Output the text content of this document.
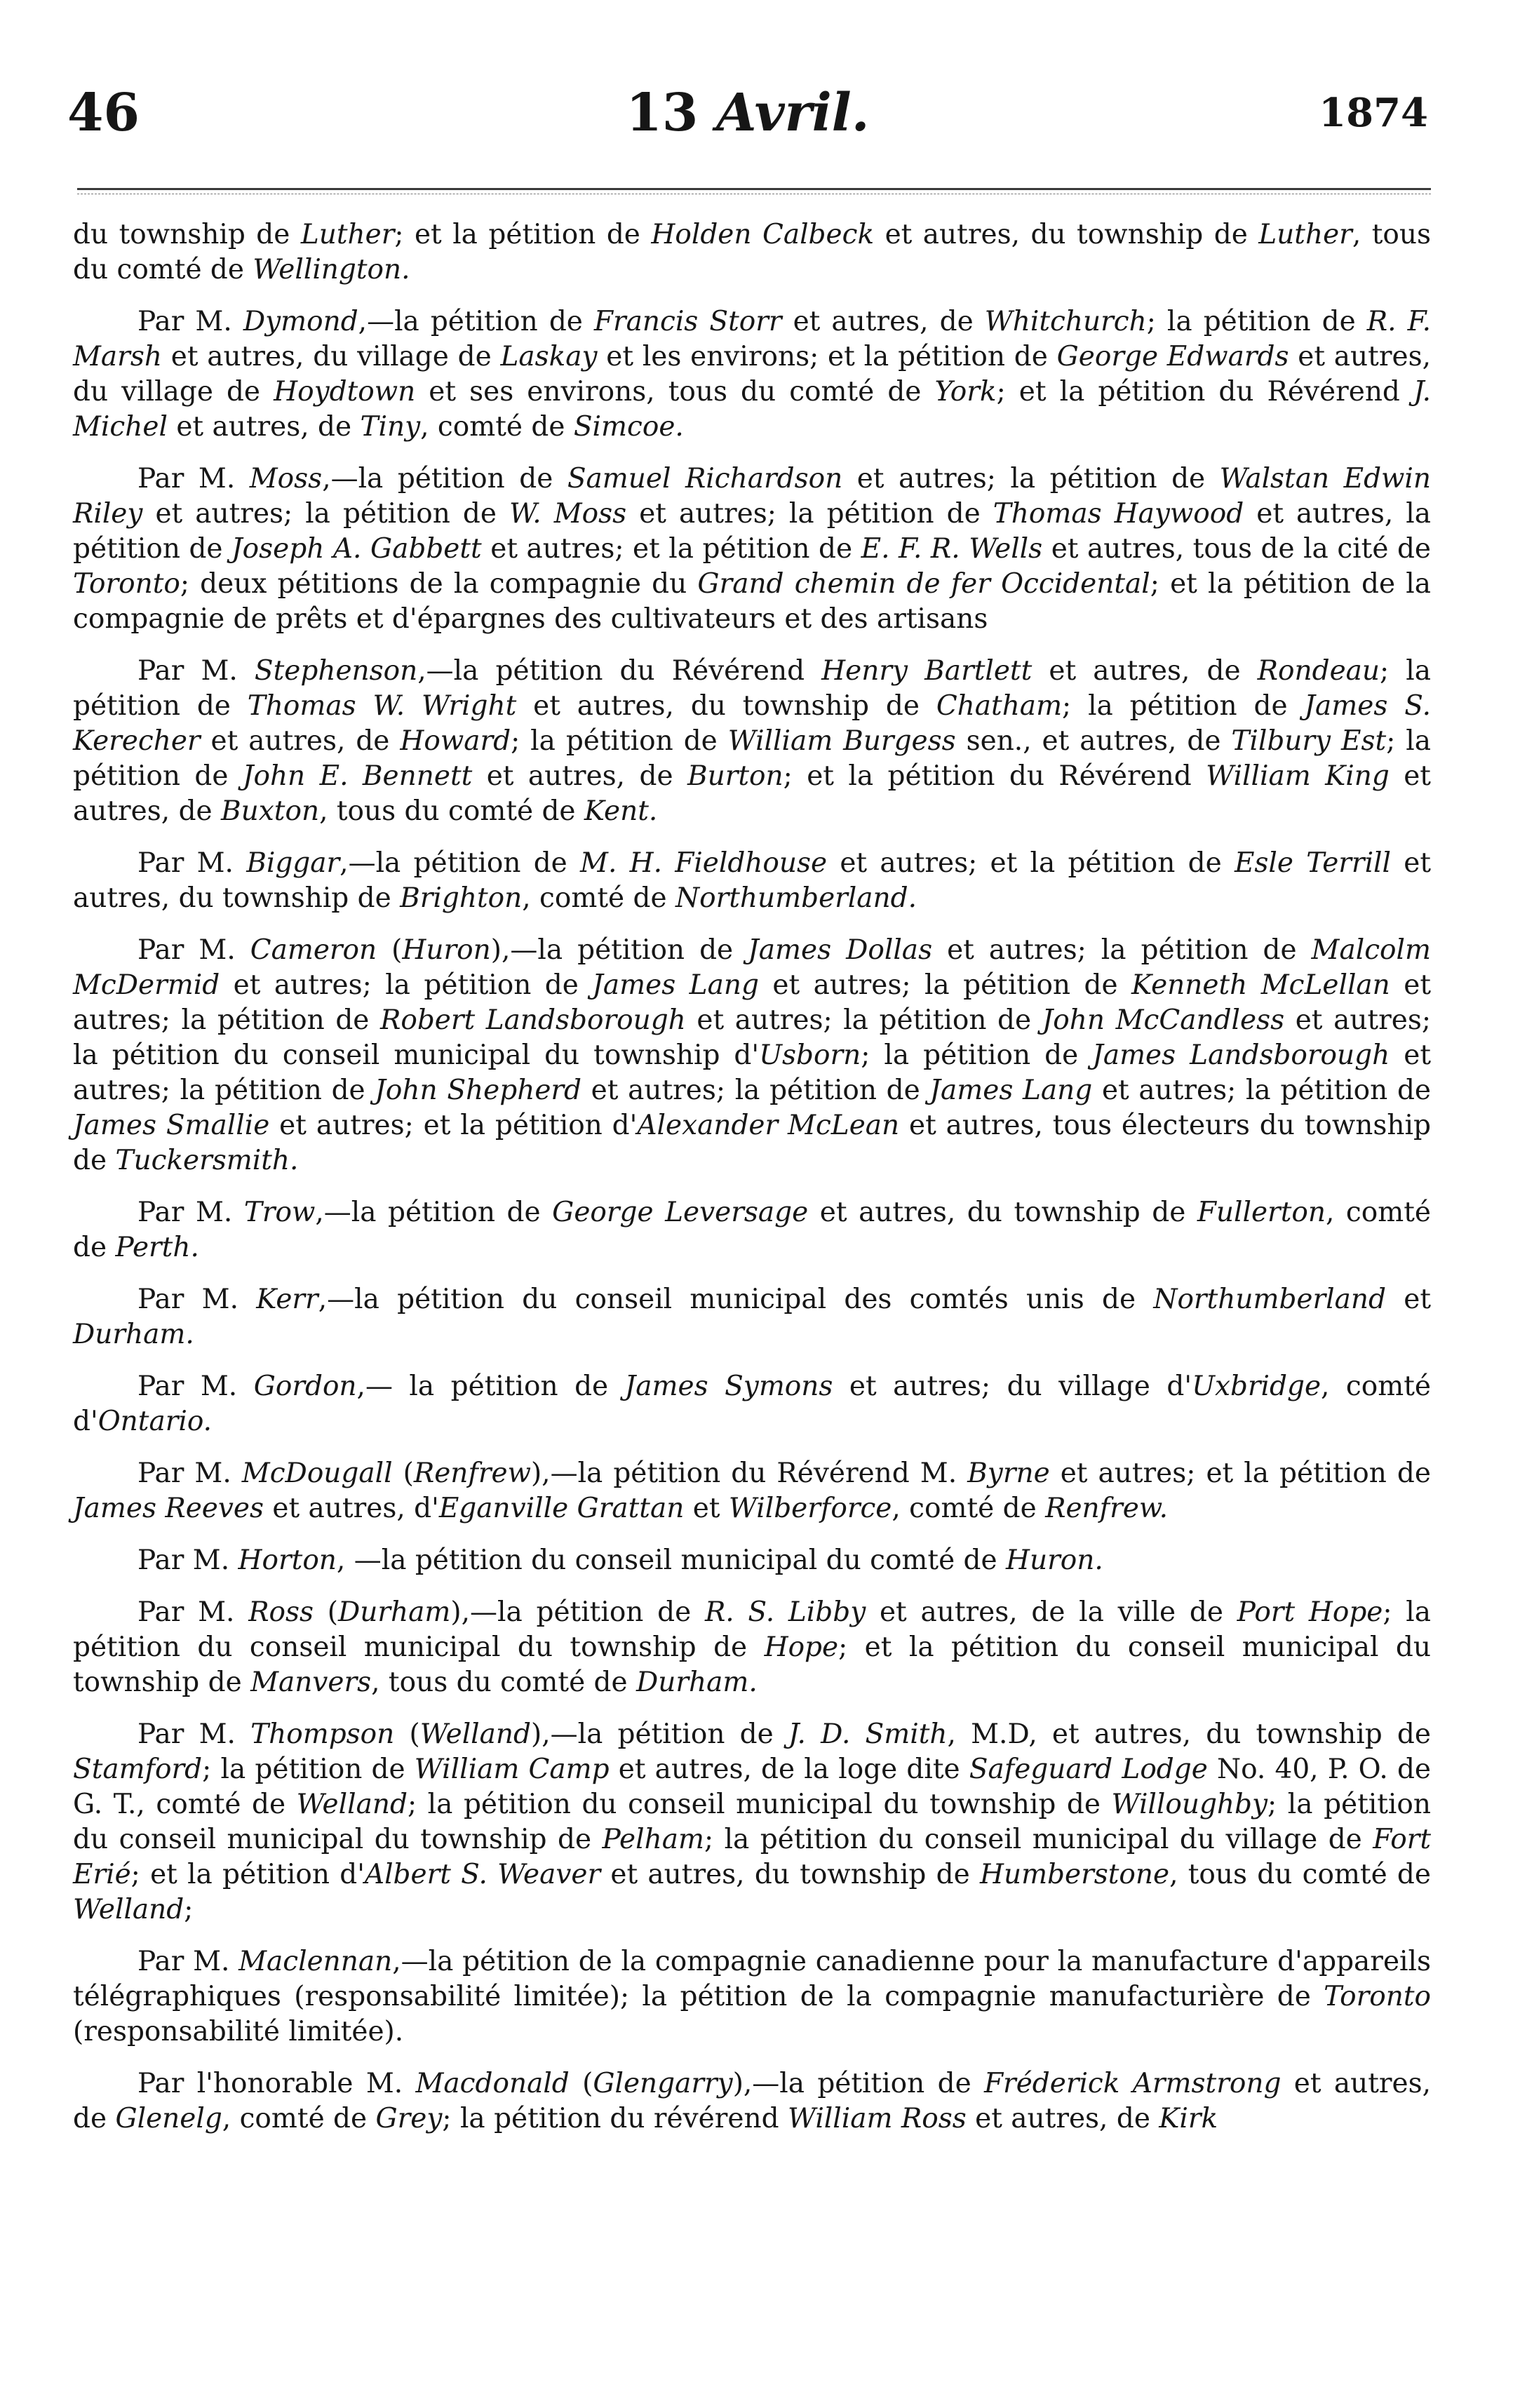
46	13 Avril.	1874

du township de Luther; et la pétition de Holden Calbeck et autres, du township de Luther, tous du comté de Wellington.

Par M. Dymond,—la pétition de Francis Storr et autres, de Whitchurch; la pétition de R. F. Marsh et autres, du village de Laskay et les environs; et la pétition de George Edwards et autres, du village de Hoydtown et ses environs, tous du comté de York; et la pétition du Révérend J. Michel et autres, de Tiny, comté de Simcoe.

Par M. Moss,—la pétition de Samuel Richardson et autres; la pétition de Walstan Edwin Riley et autres; la pétition de W. Moss et autres; la pétition de Thomas Haywood et autres, la pétition de Joseph A. Gabbett et autres; et la pétition de E. F. R. Wells et autres, tous de la cité de Toronto; deux pétitions de la compagnie du Grand chemin de fer Occidental; et la pétition de la compagnie de prêts et d'épargnes des cultivateurs et des artisans

Par M. Stephenson,—la pétition du Révérend Henry Bartlett et autres, de Rondeau; la pétition de Thomas W. Wright et autres, du township de Chatham; la pétition de James S. Kerecher et autres, de Howard; la pétition de William Burgess sen., et autres, de Tilbury Est; la pétition de John E. Bennett et autres, de Burton; et la pétition du Révérend William King et autres, de Buxton, tous du comté de Kent.

Par M. Biggar,—la pétition de M. H. Fieldhouse et autres; et la pétition de Esle Terrill et autres, du township de Brighton, comté de Northumberland.

Par M. Cameron (Huron),—la pétition de James Dollas et autres; la pétition de Malcolm McDermid et autres; la pétition de James Lang et autres; la pétition de Kenneth McLellan et autres; la pétition de Robert Landsborough et autres; la pétition de John McCandless et autres; la pétition du conseil municipal du township d'Usborn; la pétition de James Landsborough et autres; la pétition de John Shepherd et autres; la pétition de James Lang et autres; la pétition de James Smallie et autres; et la pétition d'Alexander McLean et autres, tous électeurs du township de Tuckersmith.

Par M. Trow,—la pétition de George Leversage et autres, du township de Fullerton, comté de Perth.

Par M. Kerr,—la pétition du conseil municipal des comtés unis de Northumberland et Durham.

Par M. Gordon,— la pétition de James Symons et autres; du village d'Uxbridge, comté d'Ontario.

Par M. McDougall (Renfrew),—la pétition du Révérend M. Byrne et autres; et la pétition de James Reeves et autres, d'Eganville Grattan et Wilberforce, comté de Renfrew.

Par M. Horton, —la pétition du conseil municipal du comté de Huron.

Par M. Ross (Durham),—la pétition de R. S. Libby et autres, de la ville de Port Hope; la pétition du conseil municipal du township de Hope; et la pétition du conseil municipal du township de Manvers, tous du comté de Durham.

Par M. Thompson (Welland),—la pétition de J. D. Smith, M.D, et autres, du township de Stamford; la pétition de William Camp et autres, de la loge dite Safeguard Lodge No. 40, P. O. de G. T., comté de Welland; la pétition du conseil municipal du township de Willoughby; la pétition du conseil municipal du township de Pelham; la pétition du conseil municipal du village de Fort Erié; et la pétition d'Albert S. Weaver et autres, du township de Humberstone, tous du comté de Welland;

Par M. Maclennan,—la pétition de la compagnie canadienne pour la manufacture d'appareils télégraphiques (responsabilité limitée); la pétition de la compagnie manufacturière de Toronto (responsabilité limitée).

Par l'honorable M. Macdonald (Glengarry),—la pétition de Fréderick Armstrong et autres, de Glenelg, comté de Grey; la pétition du révérend William Ross et autres, de Kirk
